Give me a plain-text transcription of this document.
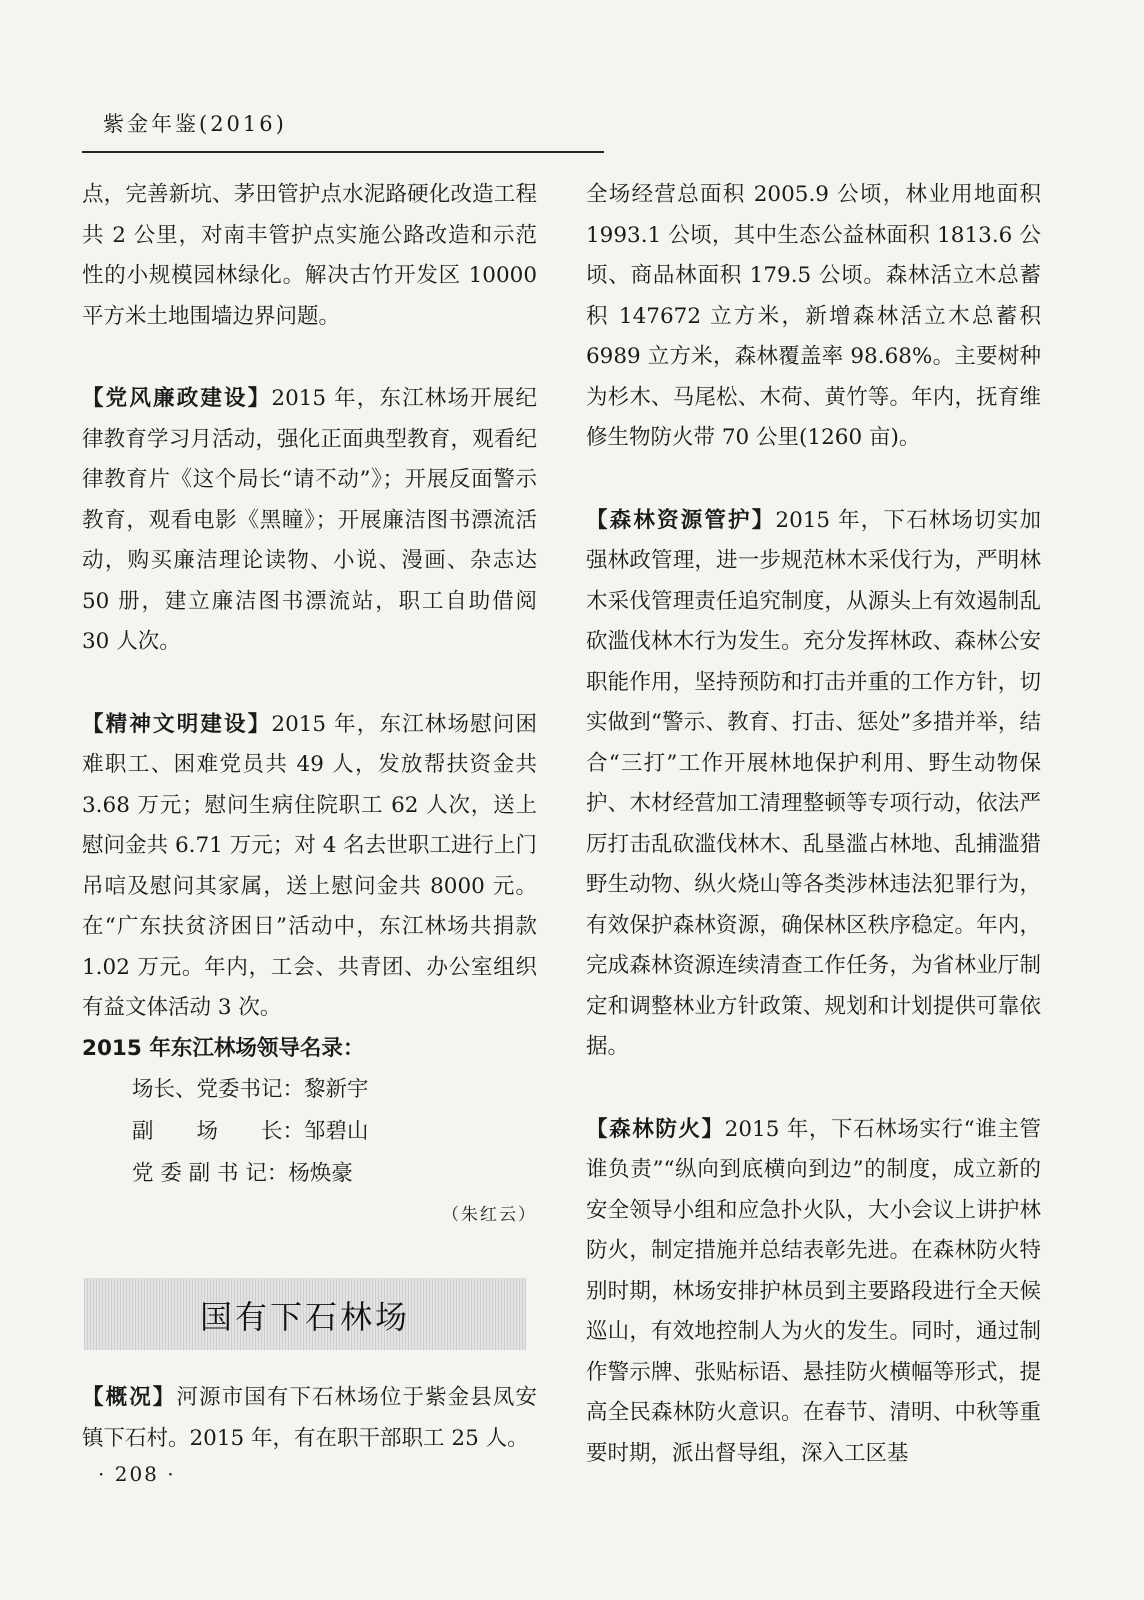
紫金年鉴(2016)

点，完善新坑、茅田管护点水泥路硬化改造工程共 2 公里，对南丰管护点实施公路改造和示范性的小规模园林绿化。解决古竹开发区 10000 平方米土地围墙边界问题。

【党风廉政建设】2015 年，东江林场开展纪律教育学习月活动，强化正面典型教育，观看纪律教育片《这个局长“请不动”》；开展反面警示教育，观看电影《黑瞳》；开展廉洁图书漂流活动，购买廉洁理论读物、小说、漫画、杂志达 50 册，建立廉洁图书漂流站，职工自助借阅 30 人次。

【精神文明建设】2015 年，东江林场慰问困难职工、困难党员共 49 人，发放帮扶资金共 3.68 万元；慰问生病住院职工 62 人次，送上慰问金共 6.71 万元；对 4 名去世职工进行上门吊唁及慰问其家属，送上慰问金共 8000 元。在“广东扶贫济困日”活动中，东江林场共捐款 1.02 万元。年内，工会、共青团、办公室组织有益文体活动 3 次。

2015 年东江林场领导名录：

场长、党委书记：黎新宇

副　　场　　长：邹碧山

党 委 副 书 记：杨焕豪

（朱红云）

国有下石林场

【概况】河源市国有下石林场位于紫金县凤安镇下石村。2015 年，有在职干部职工 25 人。

全场经营总面积 2005.9 公顷，林业用地面积 1993.1 公顷，其中生态公益林面积 1813.6 公顷、商品林面积 179.5 公顷。森林活立木总蓄积 147672 立方米，新增森林活立木总蓄积 6989 立方米，森林覆盖率 98.68%。主要树种为杉木、马尾松、木荷、黄竹等。年内，抚育维修生物防火带 70 公里(1260 亩)。

【森林资源管护】2015 年，下石林场切实加强林政管理，进一步规范林木采伐行为，严明林木采伐管理责任追究制度，从源头上有效遏制乱砍滥伐林木行为发生。充分发挥林政、森林公安职能作用，坚持预防和打击并重的工作方针，切实做到“警示、教育、打击、惩处”多措并举，结合“三打”工作开展林地保护利用、野生动物保护、木材经营加工清理整顿等专项行动，依法严厉打击乱砍滥伐林木、乱垦滥占林地、乱捕滥猎野生动物、纵火烧山等各类涉林违法犯罪行为，有效保护森林资源，确保林区秩序稳定。年内，完成森林资源连续清查工作任务，为省林业厅制定和调整林业方针政策、规划和计划提供可靠依据。

【森林防火】2015 年，下石林场实行“谁主管谁负责”“纵向到底横向到边”的制度，成立新的安全领导小组和应急扑火队，大小会议上讲护林防火，制定措施并总结表彰先进。在森林防火特别时期，林场安排护林员到主要路段进行全天候巡山，有效地控制人为火的发生。同时，通过制作警示牌、张贴标语、悬挂防火横幅等形式，提高全民森林防火意识。在春节、清明、中秋等重要时期，派出督导组，深入工区基

· 208 ·
